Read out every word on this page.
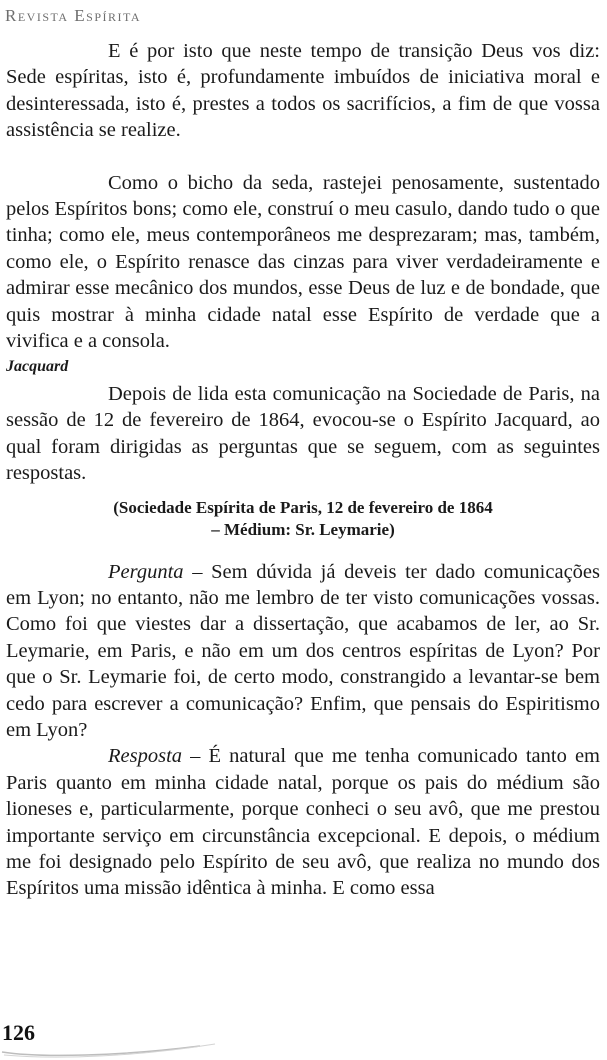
Revista Espírita

E é por isto que neste tempo de transição Deus vos diz: Sede espíritas, isto é, profundamente imbuídos de iniciativa moral e desinteressada, isto é, prestes a todos os sacrifícios, a fim de que vossa assistência se realize.

Como o bicho da seda, rastejei penosamente, sustentado pelos Espíritos bons; como ele, construí o meu casulo, dando tudo o que tinha; como ele, meus contemporâneos me desprezaram; mas, também, como ele, o Espírito renasce das cinzas para viver verdadeiramente e admirar esse mecânico dos mundos, esse Deus de luz e de bondade, que quis mostrar à minha cidade natal esse Espírito de verdade que a vivifica e a consola.

Jacquard

Depois de lida esta comunicação na Sociedade de Paris, na sessão de 12 de fevereiro de 1864, evocou-se o Espírito Jacquard, ao qual foram dirigidas as perguntas que se seguem, com as seguintes respostas.

(Sociedade Espírita de Paris, 12 de fevereiro de 1864
– Médium: Sr. Leymarie)

Pergunta – Sem dúvida já deveis ter dado comunicações em Lyon; no entanto, não me lembro de ter visto comunicações vossas. Como foi que viestes dar a dissertação, que acabamos de ler, ao Sr. Leymarie, em Paris, e não em um dos centros espíritas de Lyon? Por que o Sr. Leymarie foi, de certo modo, constrangido a levantar-se bem cedo para escrever a comunicação? Enfim, que pensais do Espiritismo em Lyon?

Resposta – É natural que me tenha comunicado tanto em Paris quanto em minha cidade natal, porque os pais do médium são lioneses e, particularmente, porque conheci o seu avô, que me prestou importante serviço em circunstância excepcional. E depois, o médium me foi designado pelo Espírito de seu avô, que realiza no mundo dos Espíritos uma missão idêntica à minha. E como essa

126
